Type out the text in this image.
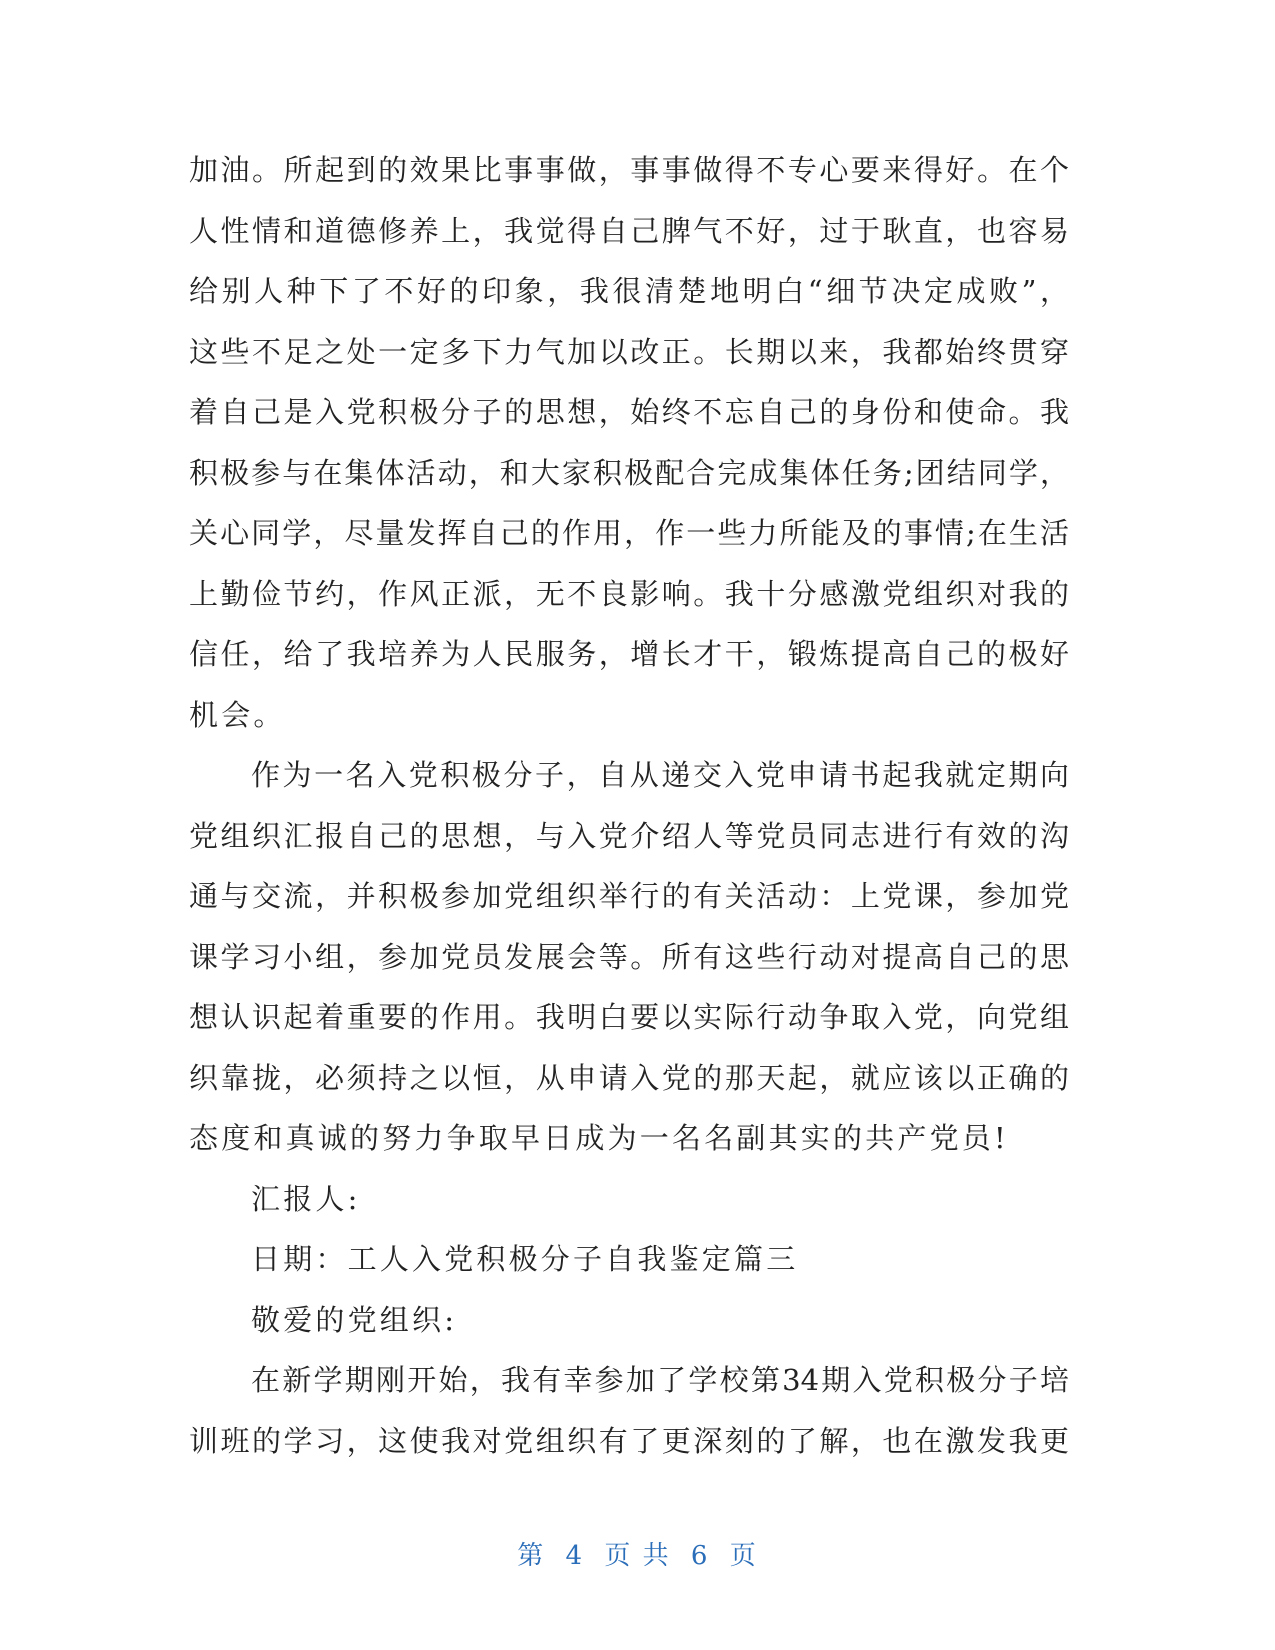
加油。所起到的效果比事事做，事事做得不专心要来得好。在个
人性情和道德修养上，我觉得自己脾气不好，过于耿直，也容易
给别人种下了不好的印象，我很清楚地明白“细节决定成败”，
这些不足之处一定多下力气加以改正。长期以来，我都始终贯穿
着自己是入党积极分子的思想，始终不忘自己的身份和使命。我
积极参与在集体活动，和大家积极配合完成集体任务;团结同学，
关心同学，尽量发挥自己的作用，作一些力所能及的事情;在生活
上勤俭节约，作风正派，无不良影响。我十分感激党组织对我的
信任，给了我培养为人民服务，增长才干，锻炼提高自己的极好
机会。
作为一名入党积极分子，自从递交入党申请书起我就定期向
党组织汇报自己的思想，与入党介绍人等党员同志进行有效的沟
通与交流，并积极参加党组织举行的有关活动：上党课，参加党
课学习小组，参加党员发展会等。所有这些行动对提高自己的思
想认识起着重要的作用。我明白要以实际行动争取入党，向党组
织靠拢，必须持之以恒，从申请入党的那天起，就应该以正确的
态度和真诚的努力争取早日成为一名名副其实的共产党员!
汇报人:
日期：工人入党积极分子自我鉴定篇三
敬爱的党组织:
在新学期刚开始，我有幸参加了学校第34期入党积极分子培
训班的学习，这使我对党组织有了更深刻的了解，也在激发我更
第 4 页 共 6 页
